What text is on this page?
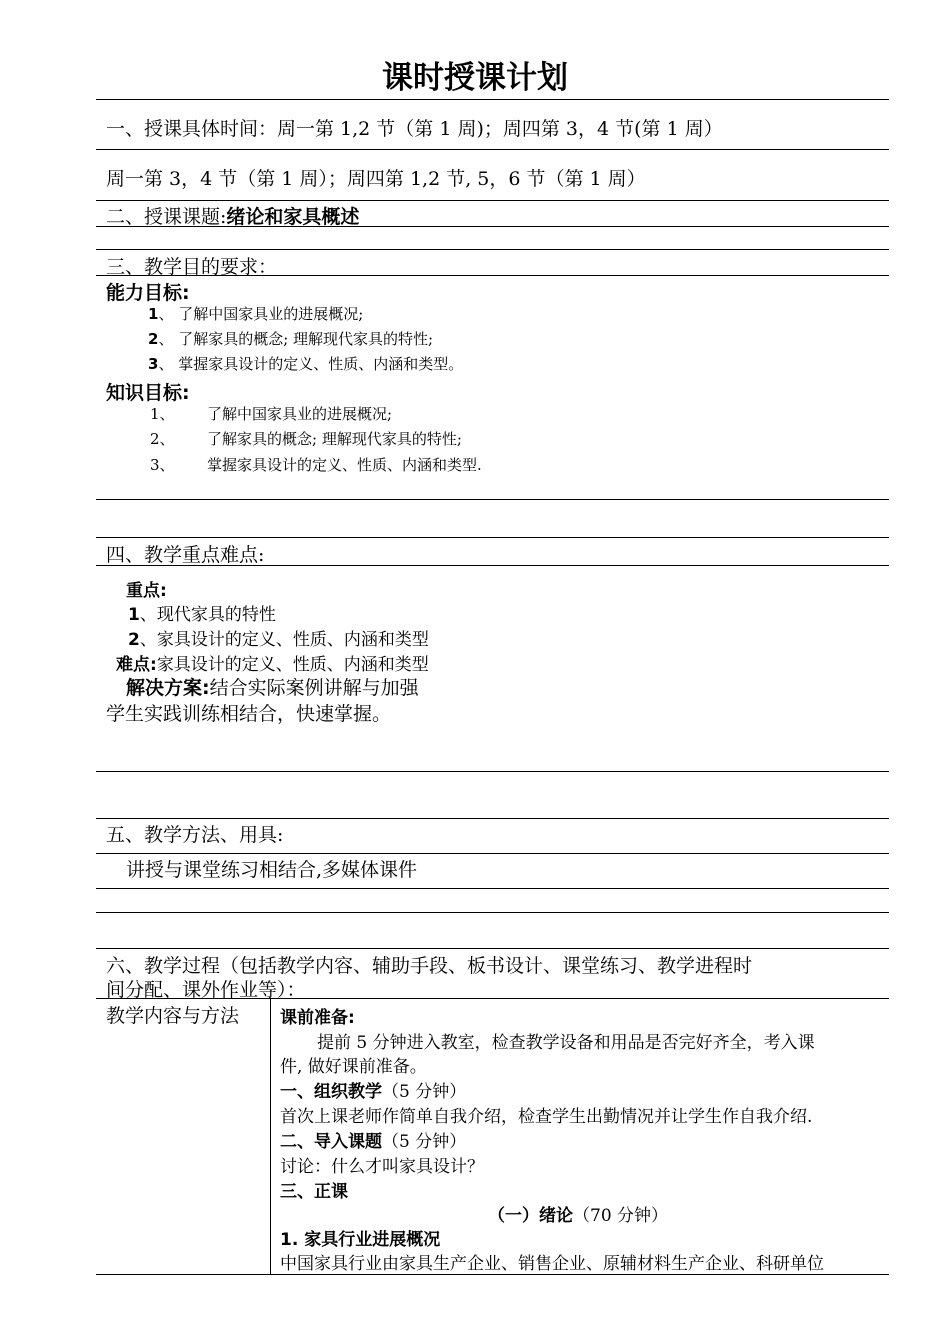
课时授课计划
一、授课具体时间：周一第 1,2 节（第 1 周)；周四第 3，4 节(第 1 周）
周一第 3，4 节（第 1 周）；周四第 1,2 节, 5，6 节（第 1 周）
二、授课课题:绪论和家具概述
三、教学目的要求：
能力目标:
1、 了解中国家具业的进展概况;
2、 了解家具的概念; 理解现代家具的特性;
3、 掌握家具设计的定义、性质、内涵和类型。
知识目标:
1、 了解中国家具业的进展概况;
2、 了解家具的概念; 理解现代家具的特性;
3、 掌握家具设计的定义、性质、内涵和类型.
四、教学重点难点:
重点:
1、现代家具的特性
2、家具设计的定义、性质、内涵和类型
难点:家具设计的定义、性质、内涵和类型
解决方案:结合实际案例讲解与加强
学生实践训练相结合，快速掌握。
五、教学方法、用具:
讲授与课堂练习相结合,多媒体课件
六、教学过程（包括教学内容、辅助手段、板书设计、课堂练习、教学进程时
间分配、课外作业等）：
教学内容与方法 课前准备:
提前 5 分钟进入教室，检查教学设备和用品是否完好齐全，考入课
件, 做好课前准备。
一、组织教学（5 分钟）
首次上课老师作简单自我介绍，检查学生出勤情况并让学生作自我介绍.
二、导入课题（5 分钟）
讨论：什么才叫家具设计？
三、正课
（一）绪论（70 分钟）
1. 家具行业进展概况
中国家具行业由家具生产企业、销售企业、原辅材料生产企业、科研单位
